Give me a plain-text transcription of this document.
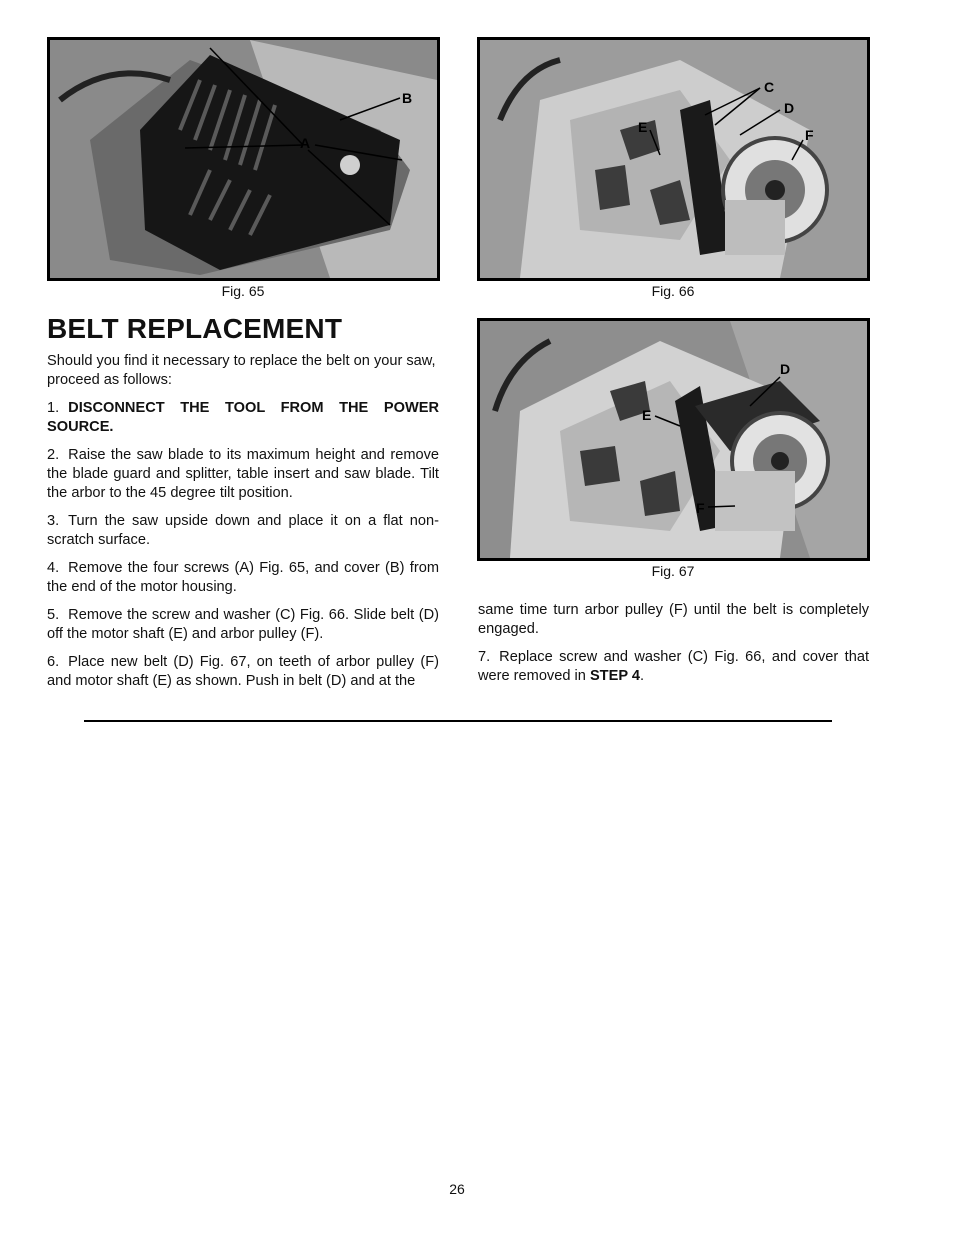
B
A
Fig. 65
C
D
E	F
Fig. 66
BELT REPLACEMENT

Should you find it necessary to replace the belt on your saw, proceed as follows:

1. DISCONNECT THE TOOL FROM THE POWER SOURCE.

2. Raise the saw blade to its maximum height and remove the blade guard and splitter, table insert and saw blade. Tilt the arbor to the 45 degree tilt position.

3. Turn the saw upside down and place it on a flat non-scratch surface.

4. Remove the four screws (A) Fig. 65, and cover (B) from the end of the motor housing.

5. Remove the screw and washer (C) Fig. 66. Slide belt (D) off the motor shaft (E) and arbor pulley (F).

6. Place new belt (D) Fig. 67, on teeth of arbor pulley (F) and motor shaft (E) as shown. Push in belt (D) and at the

D
E
F
Fig. 67

same time turn arbor pulley (F) until the belt is completely engaged.

7. Replace screw and washer (C) Fig. 66, and cover that were removed in STEP 4.

26
